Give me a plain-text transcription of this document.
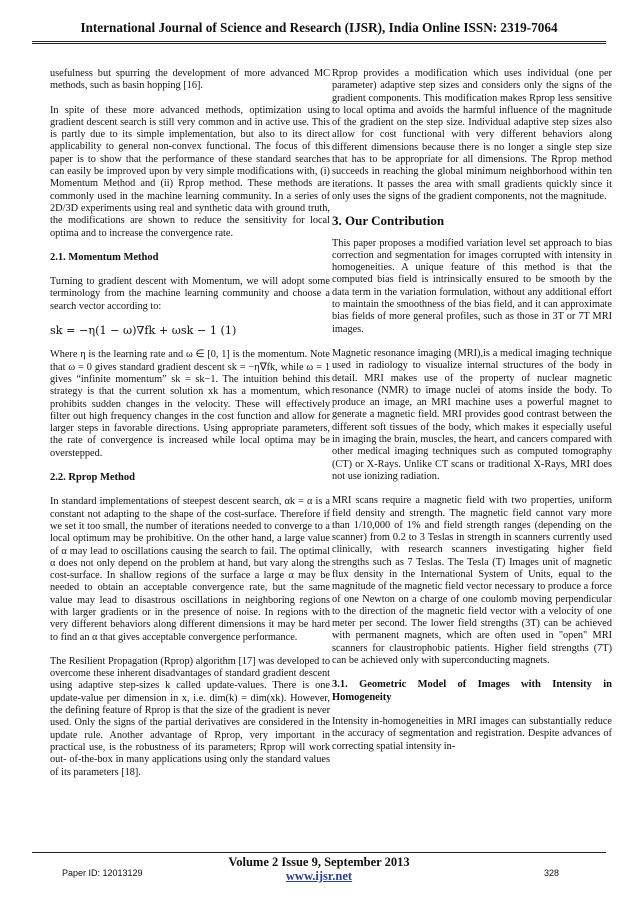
International Journal of Science and Research (IJSR), India Online ISSN: 2319-7064

usefulness but spurring the development of more advanced MC methods, such as basin hopping [16].

In spite of these more advanced methods, optimization using gradient descent search is still very common and in active use. This is partly due to its simple implementation, but also to its direct applicability to general non-convex functional. The focus of this paper is to show that the performance of these standard searches can easily be improved upon by very simple modifications with, (i) Momentum Method and (ii) Rprop method. These methods are commonly used in the machine learning community. In a series of 2D/3D experiments using real and synthetic data with ground truth, the modifications are shown to reduce the sensitivity for local optima and to increase the convergence rate.

2.1. Momentum Method

Turning to gradient descent with Momentum, we will adopt some terminology from the machine learning community and choose a search vector according to:

sk = −η(1 − ω)∇fk + ωsk − 1 (1)

Where η is the learning rate and ω ∈ [0, 1] is the momentum. Note that ω = 0 gives standard gradient descent sk = −η∇fk, while ω = 1 gives “infinite momentum” sk = sk−1. The intuition behind this strategy is that the current solution xk has a momentum, which prohibits sudden changes in the velocity. These will effectively filter out high frequency changes in the cost function and allow for larger steps in favorable directions. Using appropriate parameters, the rate of convergence is increased while local optima may be overstepped.

2.2. Rprop Method

In standard implementations of steepest descent search, αk = α is a constant not adapting to the shape of the cost-surface. Therefore if we set it too small, the number of iterations needed to converge to a local optimum may be prohibitive. On the other hand, a large value of α may lead to oscillations causing the search to fail. The optimal α does not only depend on the problem at hand, but vary along the cost-surface. In shallow regions of the surface a large α may be needed to obtain an acceptable convergence rate, but the same value may lead to disastrous oscillations in neighboring regions with larger gradients or in the presence of noise. In regions with very different behaviors along different dimensions it may be hard to find an α that gives acceptable convergence performance.

The Resilient Propagation (Rprop) algorithm [17] was developed to overcome these inherent disadvantages of standard gradient descent using adaptive step-sizes k called update-values. There is one update-value per dimension in x, i.e. dim(k) = dim(xk). However, the defining feature of Rprop is that the size of the gradient is never used. Only the signs of the partial derivatives are considered in the update rule. Another advantage of Rprop, very important in practical use, is the robustness of its parameters; Rprop will work out- of-the-box in many applications using only the standard values of its parameters [18].

Rprop provides a modification which uses individual (one per parameter) adaptive step sizes and considers only the signs of the gradient components. This modification makes Rprop less sensitive to local optima and avoids the harmful influence of the magnitude of the gradient on the step size. Individual adaptive step sizes also allow for cost functional with very different behaviors along different dimensions because there is no longer a single step size that has to be appropriate for all dimensions. The Rprop method succeeds in reaching the global minimum neighborhood within ten iterations. It passes the area with small gradients quickly since it only uses the signs of the gradient components, not the magnitude.

3. Our Contribution

This paper proposes a modified variation level set approach to bias correction and segmentation for images corrupted with intensity in homogeneities. A unique feature of this method is that the computed bias field is intrinsically ensured to be smooth by the data term in the variation formulation, without any additional effort to maintain the smoothness of the bias field, and it can approximate bias fields of more general profiles, such as those in 3T or 7T MRI images.

Magnetic resonance imaging (MRI),is a medical imaging technique used in radiology to visualize internal structures of the body in detail. MRI makes use of the property of nuclear magnetic resonance (NMR) to image nuclei of atoms inside the body. To produce an image, an MRI machine uses a powerful magnet to generate a magnetic field. MRI provides good contrast between the different soft tissues of the body, which makes it especially useful in imaging the brain, muscles, the heart, and cancers compared with other medical imaging techniques such as computed tomography (CT) or X-Rays. Unlike CT scans or traditional X-Rays, MRI does not use ionizing radiation.

MRI scans require a magnetic field with two properties, uniform field density and strength. The magnetic field cannot vary more than 1/10,000 of 1% and field strength ranges (depending on the scanner) from 0.2 to 3 Teslas in strength in scanners currently used clinically, with research scanners investigating higher field strengths such as 7 Teslas. The Tesla (T) Images unit of magnetic flux density in the International System of Units, equal to the magnitude of the magnetic field vector necessary to produce a force of one Newton on a charge of one coulomb moving perpendicular to the direction of the magnetic field vector with a velocity of one meter per second. The lower field strengths (3T) can be achieved with permanent magnets, which are often used in "open" MRI scanners for claustrophobic patients. Higher field strengths (7T) can be achieved only with superconducting magnets.

3.1. Geometric Model of Images with Intensity in Homogeneity

Intensity in-homogeneities in MRI images can substantially reduce the accuracy of segmentation and registration. Despite advances of correcting spatial intensity in-

Volume 2 Issue 9, September 2013
www.ijsr.net
Paper ID: 12013129	328
